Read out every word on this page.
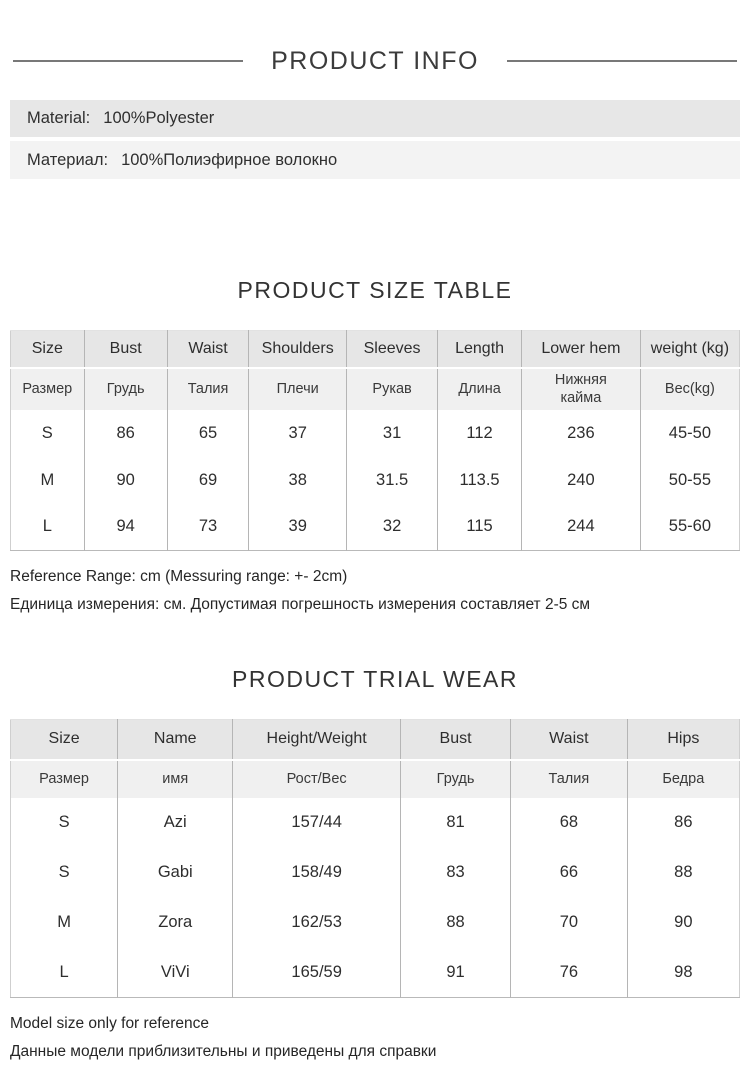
PRODUCT INFO
Material: 100%Polyester
Материал: 100%Полиэфирное волокно
PRODUCT SIZE TABLE
Size	Bust	Waist	Shoulders	Sleeves	Length	Lower hem	weight (kg)
Размер	Грудь	Талия	Плечи	Рукав	Длина	Нижняя кайма	Вес(kg)
S	86	65	37	31	112	236	45-50
M	90	69	38	31.5	113.5	240	50-55
L	94	73	39	32	115	244	55-60

Reference Range: cm (Messuring range: +- 2cm)

Единица измерения: см. Допустимая погрешность измерения составляет 2-5 см

PRODUCT TRIAL WEAR
Size	Name	Height/Weight	Bust	Waist	Hips
Размер	имя	Рост/Вес	Грудь	Талия	Бедра
S	Azi	157/44	81	68	86
S	Gabi	158/49	83	66	88
M	Zora	162/53	88	70	90
L	ViVi	165/59	91	76	98

Model size only for reference

Данные модели приблизительны и приведены для справки
